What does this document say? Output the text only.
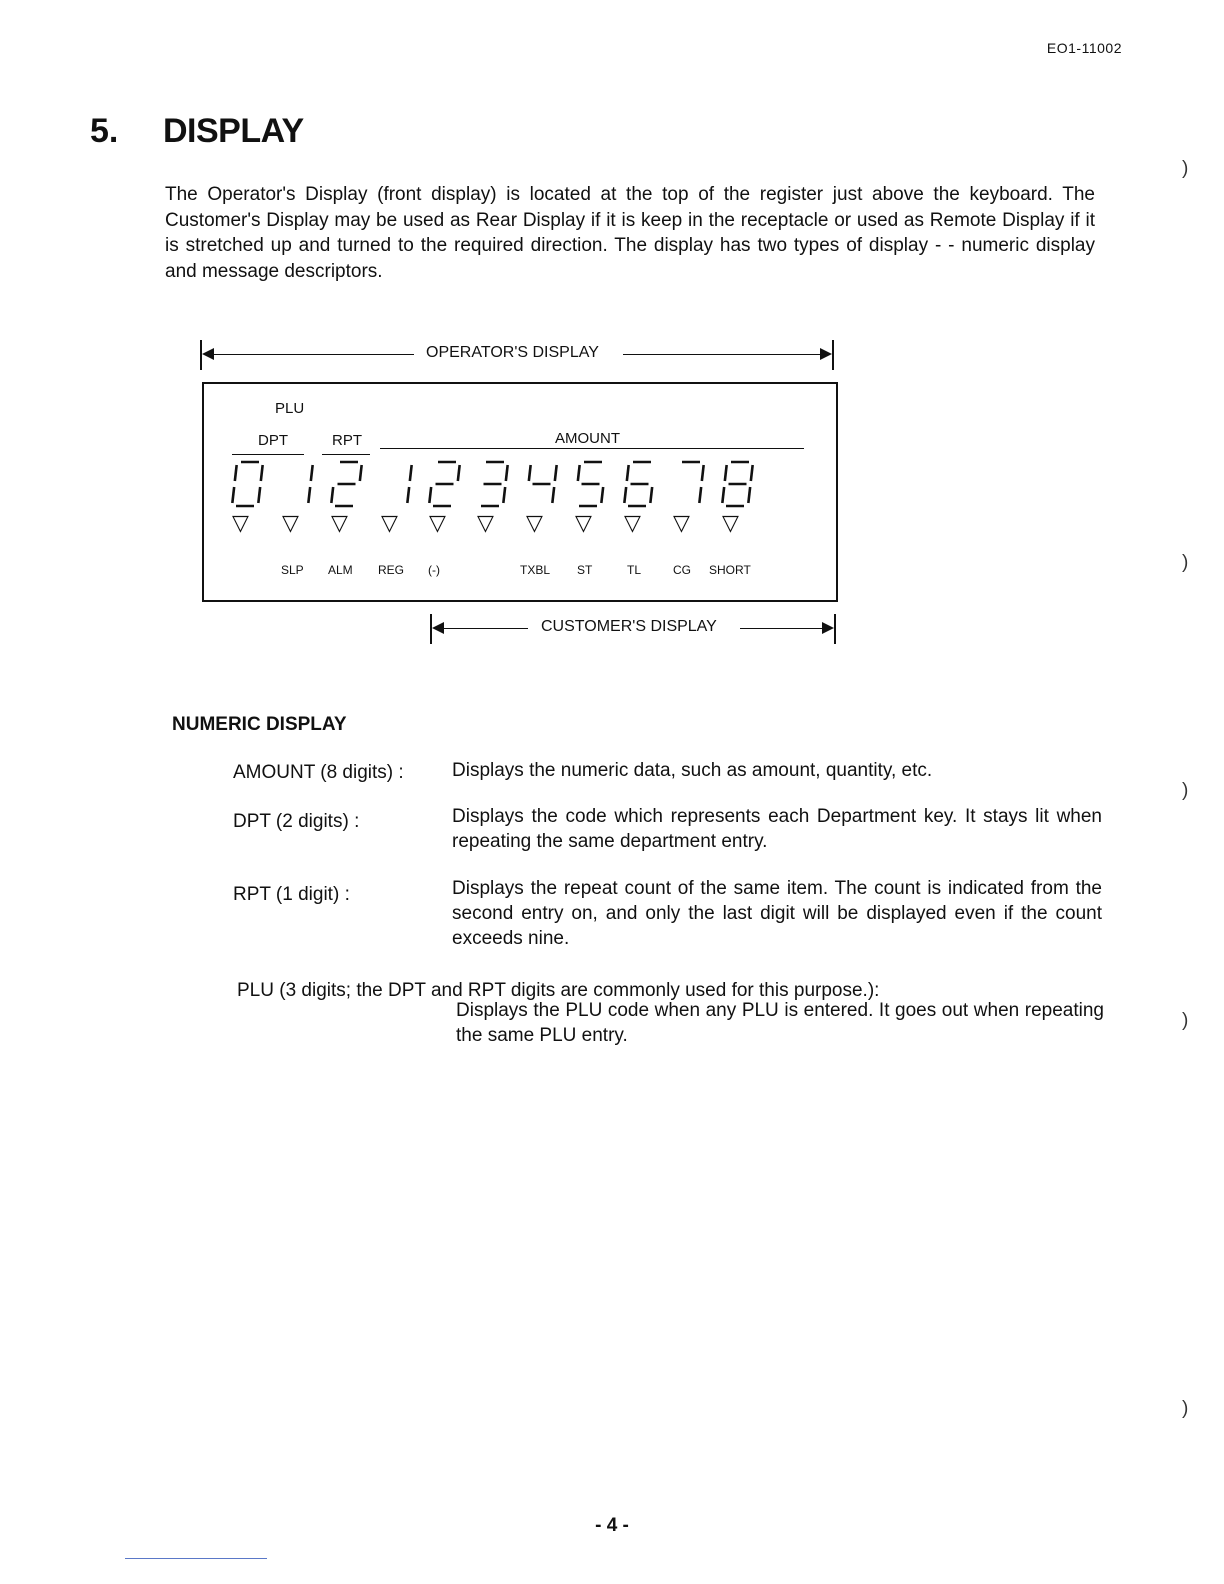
EO1-11002
5. DISPLAY
The Operator's Display (front display) is located at the top of the register just above the keyboard. The Customer's Display may be used as Rear Display if it is keep in the receptacle or used as Remote Display if it is stretched up and turned to the required direction. The display has two types of display - - numeric display and message descriptors.
OPERATOR'S DISPLAY
PLU
DPT	RPT	AMOUNT
▽ ▽ ▽ ▽ ▽ ▽ ▽ ▽ ▽ ▽ ▽
SLP ALM REG (-)	TXBL ST	TL	CG SHORT
CUSTOMER'S DISPLAY
NUMERIC DISPLAY
AMOUNT (8 digits) :	Displays the numeric data, such as amount, quantity, etc.
DPT (2 digits) :	Displays the code which represents each Department key. It stays lit when repeating the same department entry.
RPT (1 digit) :	Displays the repeat count of the same item. The count is indicated from the second entry on, and only the last digit will be displayed even if the count exceeds nine.
PLU (3 digits; the DPT and RPT digits are commonly used for this purpose.):
Displays the PLU code when any PLU is entered. It goes out when repeating the same PLU entry.
- 4 -
)
)
)
)
)
